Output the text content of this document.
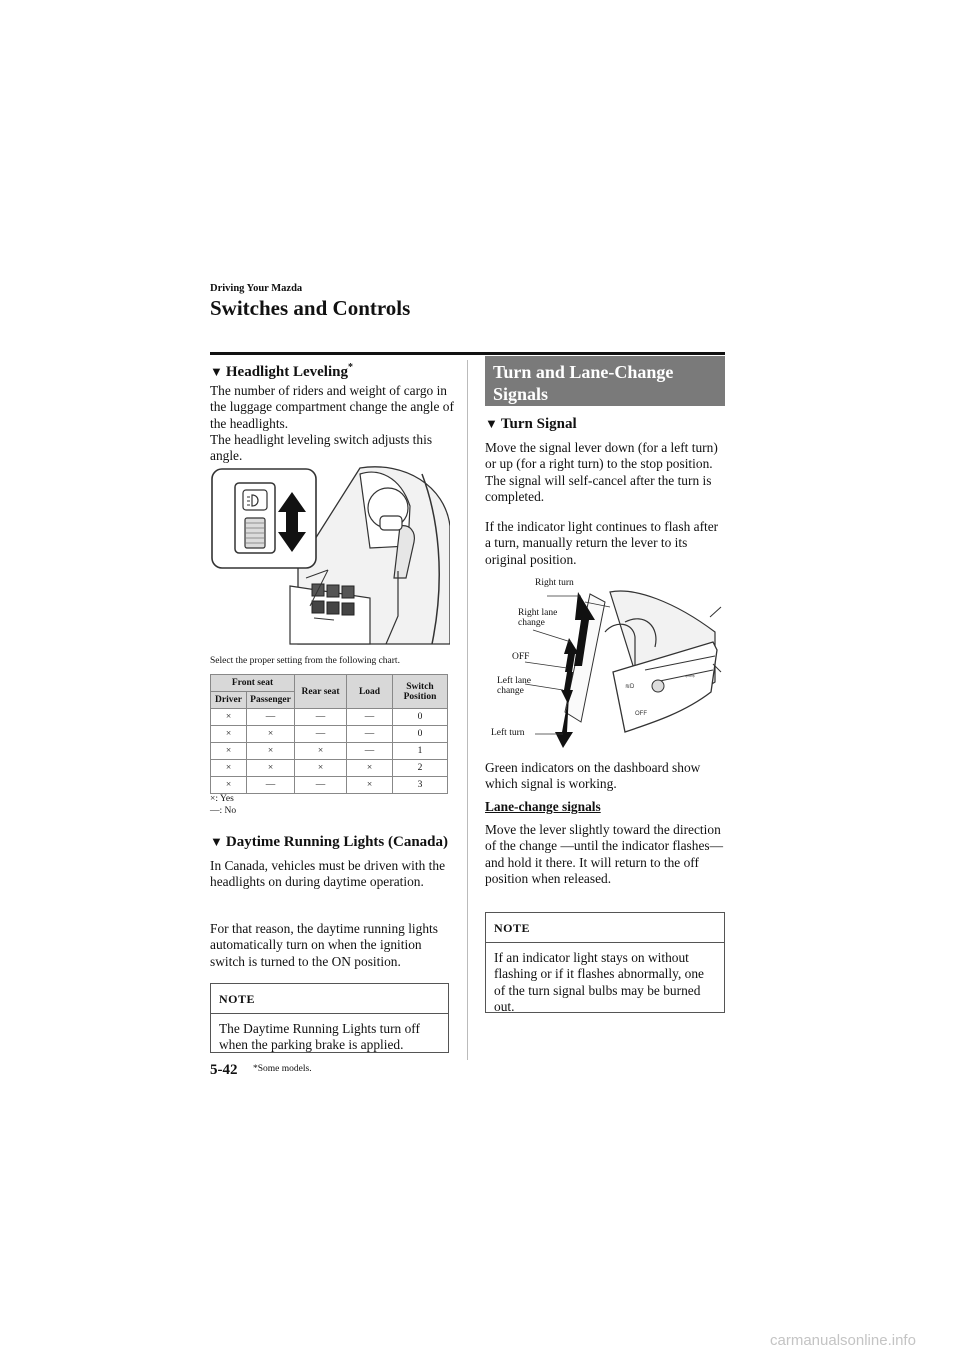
Driving Your Mazda
Switches and Controls
▼ Headlight Leveling*
The number of riders and weight of cargo in the luggage compartment change the angle of the headlights.
The headlight leveling switch adjusts this angle.
Select the proper setting from the following chart.
Front seat		Rear seat	Load	Switch Position
Driver	Passenger			
×	—	—	—	0
×	×	—	—	0
×	×	×	—	1
×	×	×	×	2
×	—	—	×	3
×: Yes
—: No
▼ Daytime Running Lights (Canada)
In Canada, vehicles must be driven with the headlights on during daytime operation.
For that reason, the daytime running lights automatically turn on when the ignition switch is turned to the ON position.
NOTE
The Daytime Running Lights turn off when the parking brake is applied.
Turn and Lane-Change Signals
▼ Turn Signal
Move the signal lever down (for a left turn) or up (for a right turn) to the stop position. The signal will self-cancel after the turn is completed.
If the indicator light continues to flash after a turn, manually return the lever to its original position.
≋D
⇦⇨
OFF
Right turn
Right lane change
OFF
Left lane change
Left turn
Green indicators on the dashboard show which signal is working.
Lane-change signals
Move the lever slightly toward the direction of the change —until the indicator flashes— and hold it there. It will return to the off position when released.
NOTE
If an indicator light stays on without flashing or if it flashes abnormally, one of the turn signal bulbs may be burned out.
5-42 *Some models.
carmanualsonline.info
